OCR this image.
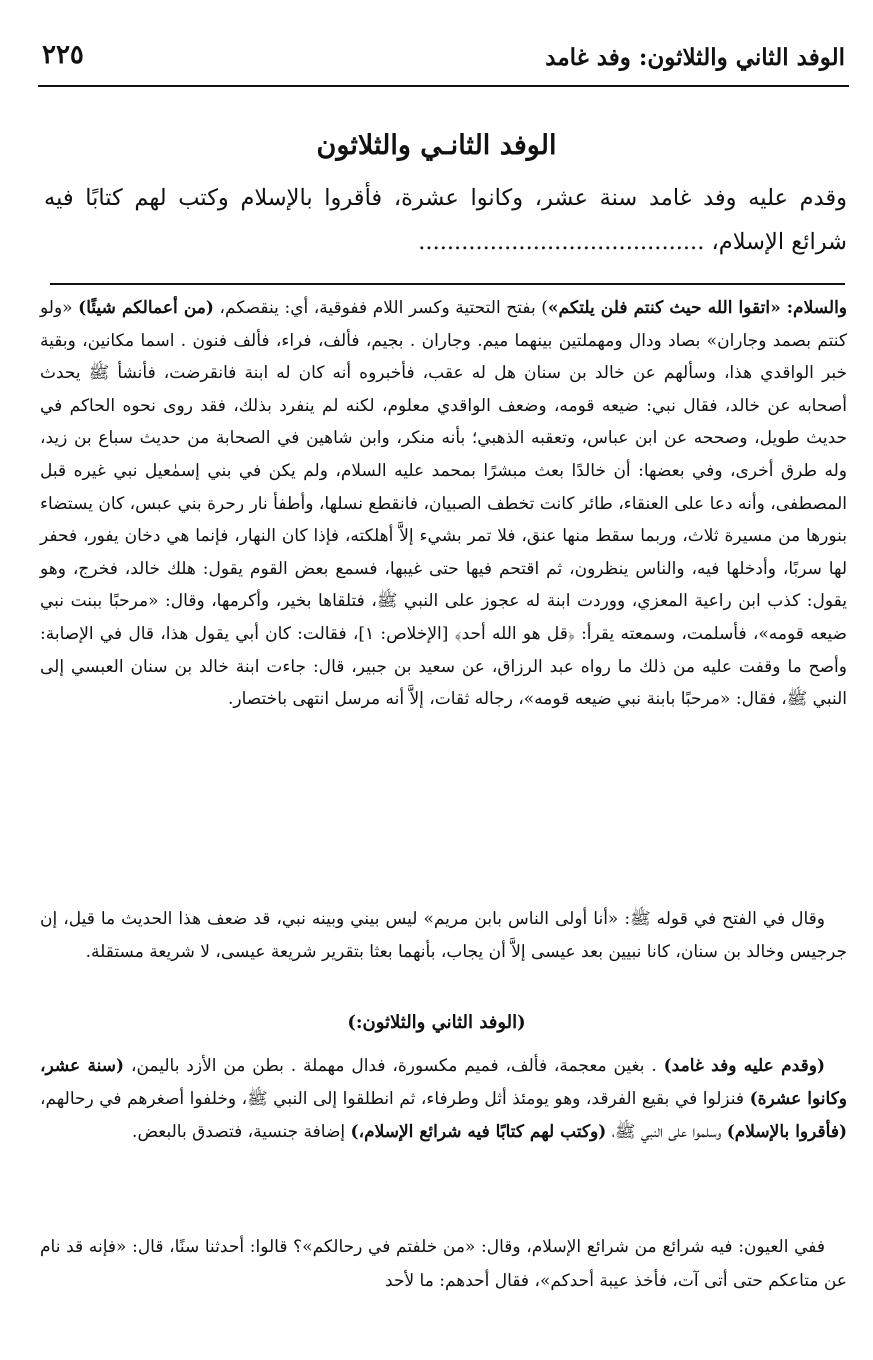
الوفد الثاني والثلاثون: وفد غامد
٢٢٥
الوفد الثانـي والثلاثون
وقدم عليه وفد غامد سنة عشر، وكانوا عشرة، فأقروا بالإسلام وكتب لهم كتابًا فيه شرائع الإسلام، ........................................

والسلام: «اتقوا الله حيث كنتم فلن يلتكم») بفتح التحتية وكسر اللام ففوقية، أي: ينقصكم، (من أعمالكم شيئًا) «ولو كنتم بصمد وجاران» بصاد ودال ومهملتين بينهما ميم. وجاران . بجيم، فألف، فراء، فألف فنون . اسما مكانين، وبقية خبر الواقدي هذا، وسألهم عن خالد بن سنان هل له عقب، فأخبروه أنه كان له ابنة فانقرضت، فأنشأ ﷺ يحدث أصحابه عن خالد، فقال نبي: ضيعه قومه، وضعف الواقدي معلوم، لكنه لم ينفرد بذلك، فقد روى نحوه الحاكم في حديث طويل، وصححه عن ابن عباس، وتعقبه الذهبي؛ بأنه منكر، وابن شاهين في الصحابة من حديث سباع بن زيد، وله طرق أخرى، وفي بعضها: أن خالدًا بعث مبشرًا بمحمد عليه السلام، ولم يكن في بني إسمٰعيل نبي غيره قبل المصطفى، وأنه دعا على العنقاء، طائر كانت تخطف الصبيان، فانقطع نسلها، وأطفأ نار رحرة بني عبس، كان يستضاء بنورها من مسيرة ثلاث، وربما سقط منها عنق، فلا تمر بشيء إلاَّ أهلكته، فإذا كان النهار، فإنما هي دخان يفور، فحفر لها سربًا، وأدخلها فيه، والناس ينظرون، ثم اقتحم فيها حتى غيبها، فسمع بعض القوم يقول: هلك خالد، فخرج، وهو يقول: كذب ابن راعية المعزي، ووردت ابنة له عجوز على النبي ﷺ، فتلقاها بخير، وأكرمها، وقال: «مرحبًا ببنت نبي ضيعه قومه»، فأسلمت، وسمعته يقرأ: ﴿قل هو الله أحد﴾ [الإخلاص: ١]، فقالت: كان أبي يقول هذا، قال في الإصابة: وأصح ما وقفت عليه من ذلك ما رواه عبد الرزاق، عن سعيد بن جبير، قال: جاءت ابنة خالد بن سنان العبسي إلى النبي ﷺ، فقال: «مرحبًا بابنة نبي ضيعه قومه»، رجاله ثقات، إلاَّ أنه مرسل انتهى باختصار.

وقال في الفتح في قوله ﷺ: «أنا أولى الناس بابن مريم» ليس بيني وبينه نبي، قد ضعف هذا الحديث ما قيل، إن جرجيس وخالد بن سنان، كانا نبيين بعد عيسى إلاَّ أن يجاب، بأنهما بعثا بتقرير شريعة عيسى، لا شريعة مستقلة.

(الوفد الثاني والثلاثون:)

(وقدم عليه وفد غامد) . بغين معجمة، فألف، فميم مكسورة، فدال مهملة . بطن من الأزد باليمن، (سنة عشر، وكانوا عشرة) فنزلوا في بقيع الفرقد، وهو يومئذ أثل وطرفاء، ثم انطلقوا إلى النبي ﷺ، وخلفوا أصغرهم في رحالهم، (فأقروا بالإسلام) وسلموا على النبي ﷺ، (وكتب لهم كتابًا فيه شرائع الإسلام،) إضافة جنسية، فتصدق بالبعض.

ففي العيون: فيه شرائع من شرائع الإسلام، وقال: «من خلفتم في رحالكم»؟ قالوا: أحدثنا سنًا، قال: «فإنه قد نام عن متاعكم حتى أتى آت، فأخذ عيبة أحدكم»، فقال أحدهم: ما لأحد
